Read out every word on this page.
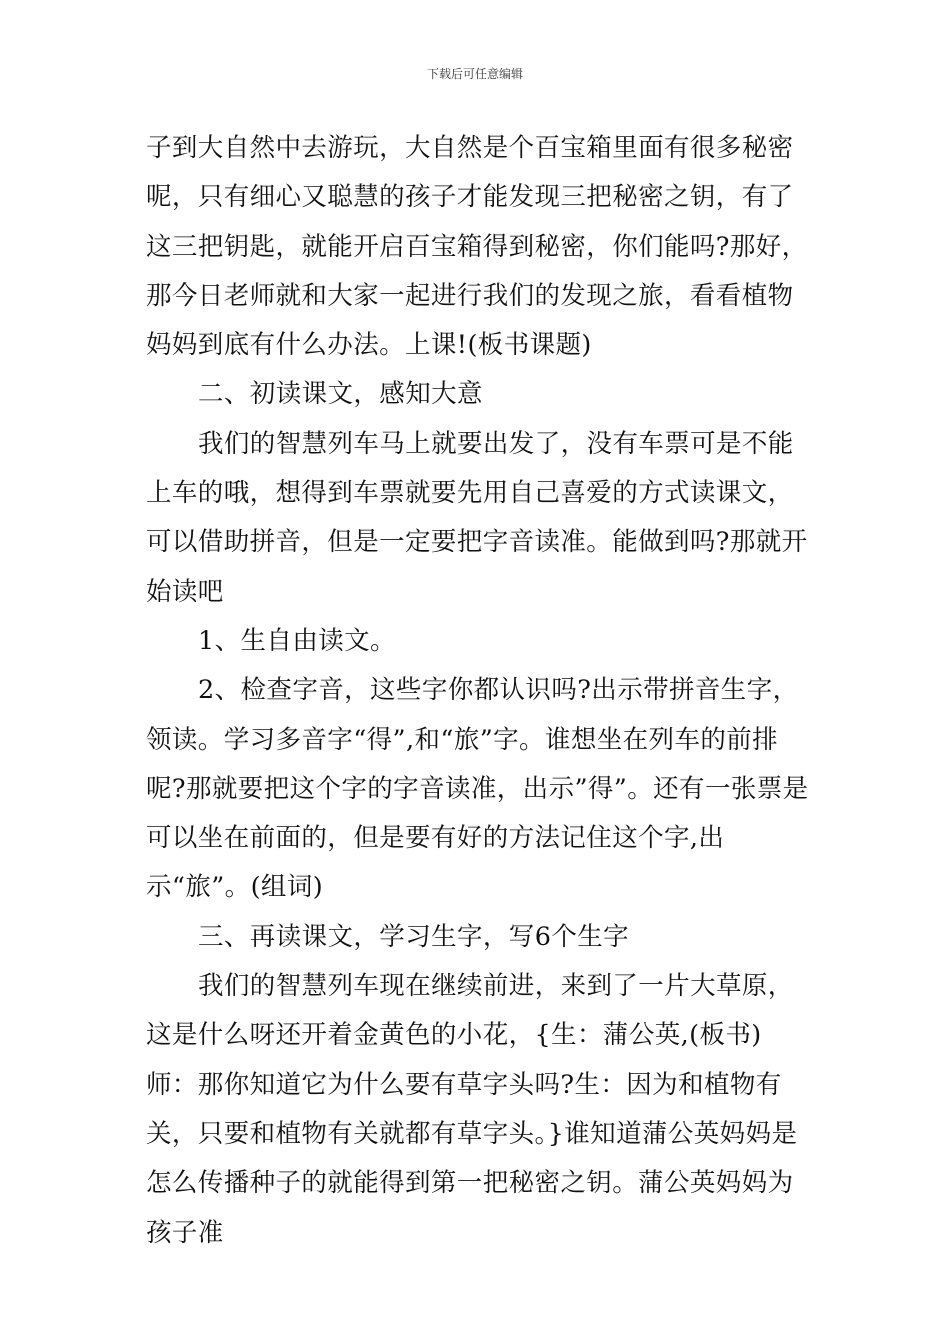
下载后可任意编辑

子到大自然中去游玩，大自然是个百宝箱里面有很多秘密呢，只有细心又聪慧的孩子才能发现三把秘密之钥，有了这三把钥匙，就能开启百宝箱得到秘密，你们能吗?那好，那今日老师就和大家一起进行我们的发现之旅，看看植物妈妈到底有什么办法。上课!(板书课题)

二、初读课文，感知大意

我们的智慧列车马上就要出发了，没有车票可是不能上车的哦，想得到车票就要先用自己喜爱的方式读课文，可以借助拼音，但是一定要把字音读准。能做到吗?那就开始读吧

1、生自由读文。

2、检查字音，这些字你都认识吗?出示带拼音生字，领读。学习多音字“得”,和“旅”字。谁想坐在列车的前排呢?那就要把这个字的字音读准，出示”得”。还有一张票是可以坐在前面的，但是要有好的方法记住这个字,出示“旅”。(组词)

三、再读课文，学习生字，写6个生字

我们的智慧列车现在继续前进，来到了一片大草原，这是什么呀还开着金黄色的小花，{生：蒲公英,(板书)师：那你知道它为什么要有草字头吗?生：因为和植物有关，只要和植物有关就都有草字头。}谁知道蒲公英妈妈是怎么传播种子的就能得到第一把秘密之钥。蒲公英妈妈为孩子准
